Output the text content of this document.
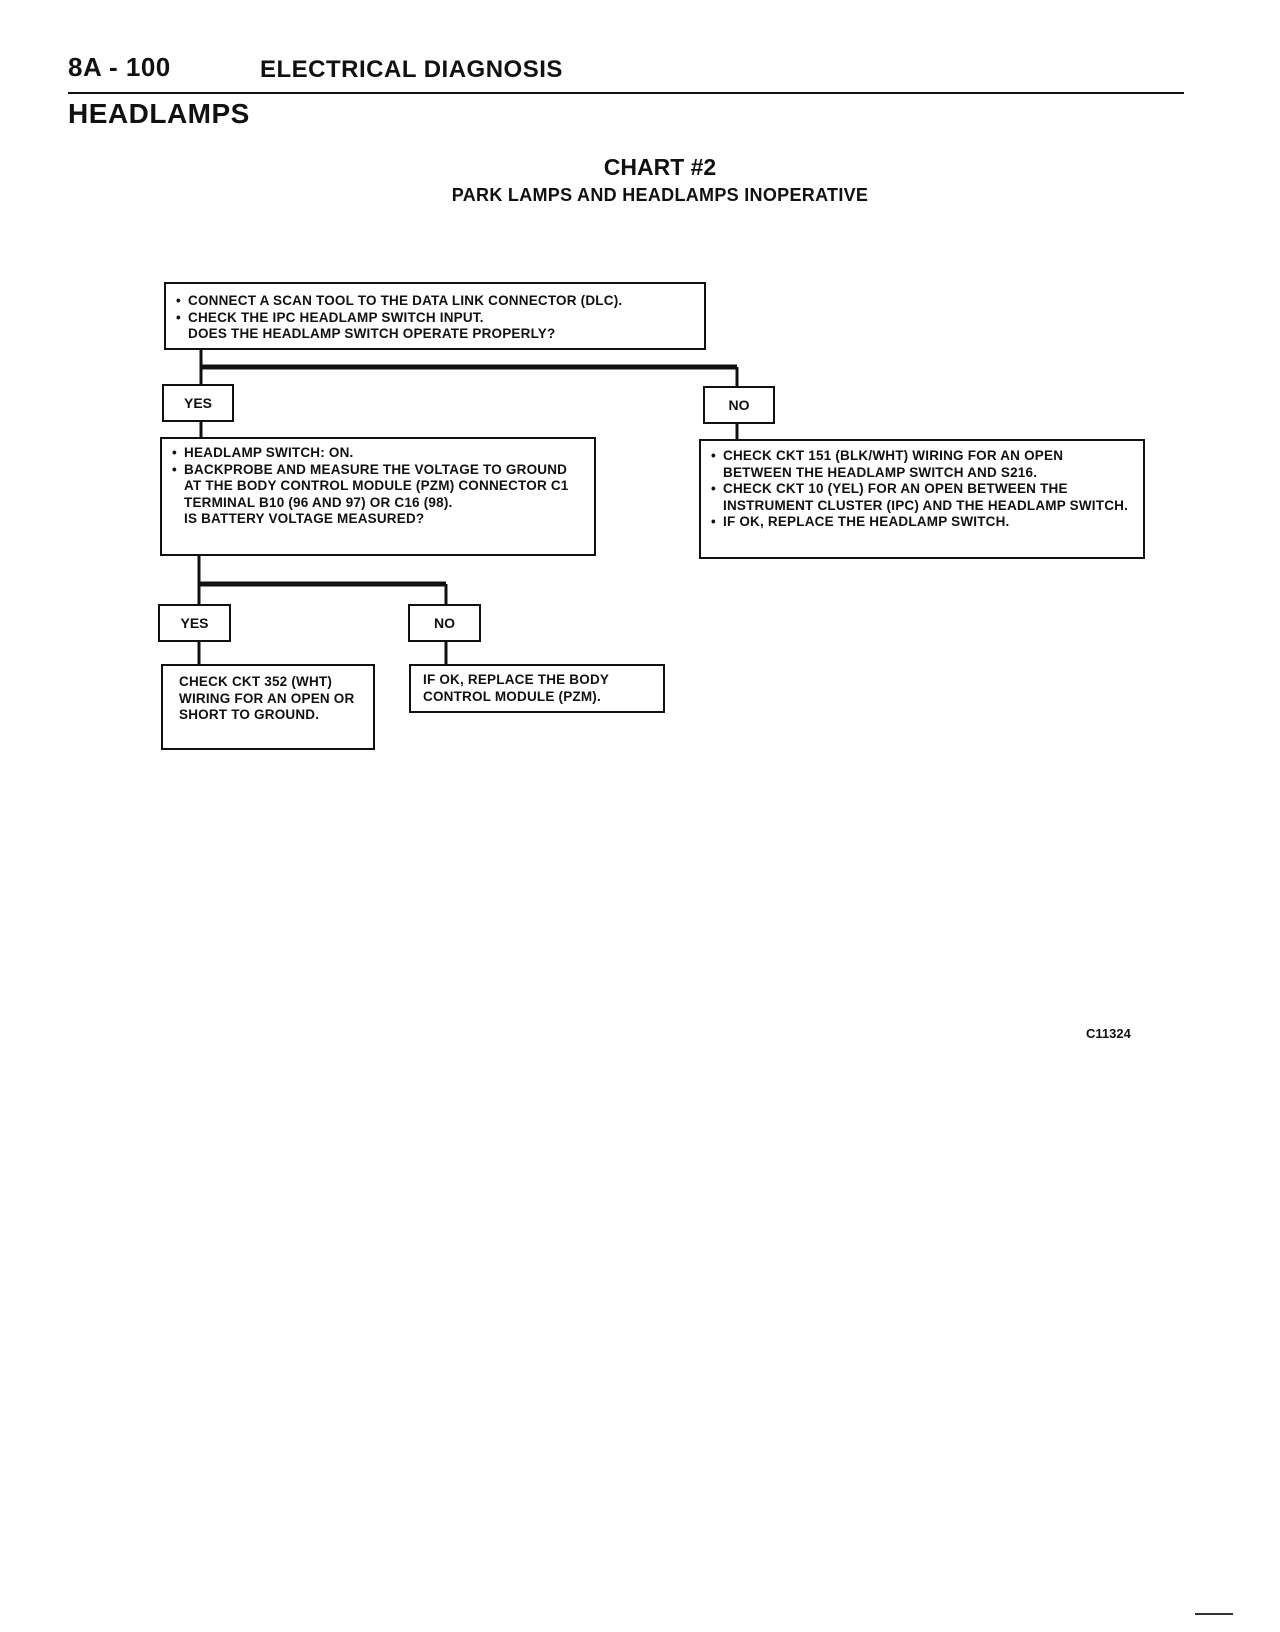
8A - 100	ELECTRICAL DIAGNOSIS
HEADLAMPS
CHART #2
PARK LAMPS AND HEADLAMPS INOPERATIVE
• CONNECT A SCAN TOOL TO THE DATA LINK CONNECTOR (DLC).
• CHECK THE IPC HEADLAMP SWITCH INPUT.

DOES THE HEADLAMP SWITCH OPERATE PROPERLY?

YES	NO
• HEADLAMP SWITCH: ON.
• BACKPROBE AND MEASURE THE VOLTAGE TO GROUND AT THE BODY CONTROL MODULE (PZM) CONNECTOR C1 TERMINAL B10 (96 AND 97) OR C16 (98).

IS BATTERY VOLTAGE MEASURED?

• CHECK CKT 151 (BLK/WHT) WIRING FOR AN OPEN BETWEEN THE HEADLAMP SWITCH AND S216.
• CHECK CKT 10 (YEL) FOR AN OPEN BETWEEN THE INSTRUMENT CLUSTER (IPC) AND THE HEADLAMP SWITCH.
• IF OK, REPLACE THE HEADLAMP SWITCH.
YES	NO

CHECK CKT 352 (WHT) WIRING FOR AN OPEN OR SHORT TO GROUND.

IF OK, REPLACE THE BODY CONTROL MODULE (PZM).

C11324
